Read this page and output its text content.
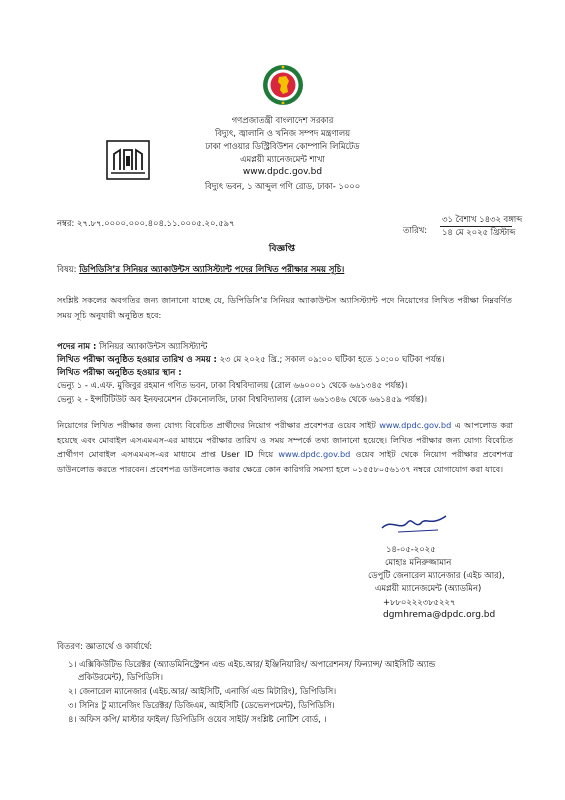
গণপ্রজাতন্ত্রী বাংলাদেশ সরকার
বিদ্যুৎ, জ্বালানি ও খনিজ সম্পদ মন্ত্রণালয়
ঢাকা পাওয়ার ডিস্ট্রিবিউশন কোম্পানি লিমিটেড
এমপ্লয়ী ম্যানেজমেন্ট শাখা
www.dpdc.gov.bd
বিদ্যুৎ ভবন, ১ আব্দুল গণি রোড, ঢাকা- ১০০০
নম্বর: ২৭.৮৭.০০০০.০০০.৪০৪.১১.০০০৫.২০.৫৯৭
তারিখ:
৩১ বৈশাখ ১৪৩২ বঙ্গাব্দ
১৪ মে ২০২৫ খ্রিস্টাব্দ
বিজ্ঞপ্তি
বিষয়: ডিপিডিসি’র সিনিয়র অ্যাকাউন্টস অ্যাসিস্ট্যান্ট পদের লিখিত পরীক্ষার সময় সূচি।
সংশ্লিষ্ট সকলের অবগতির জন্য জানানো যাচ্ছে যে, ডিপিডিসি’র সিনিয়র অ্যাকাউন্টস অ্যাসিস্ট্যান্ট পদে নিয়োগের লিখিত পরীক্ষা নিম্নবর্ণিত সময় সূচি অনুযায়ী অনুষ্ঠিত হবে:
পদের নাম : সিনিয়র অ্যাকাউন্টস অ্যাসিস্ট্যান্ট
লিখিত পরীক্ষা অনুষ্ঠিত হওয়ার তারিখ ও সময় : ২৩ মে ২০২৫ খ্রি.; সকাল ০৯:০০ ঘটিকা হতে ১০:০০ ঘটিকা পর্যন্ত।
লিখিত পরীক্ষা অনুষ্ঠিত হওয়ার স্থান :
ভেন্যু ১ - এ.এফ. মুজিবুর রহমান গণিত ভবন, ঢাকা বিশ্ববিদ্যালয় (রোল ৬৬০০০১ থেকে ৬৬১৩৪৫ পর্যন্ত)।
ভেন্যু ২ - ইন্সটিটিউট অব ইনফরমেশন টেকনোলজি, ঢাকা বিশ্ববিদ্যালয় (রোল ৬৬১৩৪৬ থেকে ৬৬১৪৫৯ পর্যন্ত)।
নিয়োগের লিখিত পরীক্ষার জন্য যোগ্য বিবেচিত প্রার্থীদের নিয়োগ পরীক্ষার প্রবেশপত্র ওয়েব সাইট www.dpdc.gov.bd এ আপলোড করা হয়েছে এবং মোবাইল এসএমএস-এর মাধ্যমে পরীক্ষার তারিখ ও সময় সম্পর্কে তথ্য জানানো হয়েছে। লিখিত পরীক্ষার জন্য যোগ্য বিবেচিত প্রার্থীগণ মোবাইল এসএমএস-এর মাধ্যমে প্রাপ্ত User ID দিয়ে www.dpdc.gov.bd ওয়েব সাইট থেকে নিয়োগ পরীক্ষার প্রবেশপত্র ডাউনলোড করতে পারবেন। প্রবেশপত্র ডাউনলোড করার ক্ষেত্রে কোন কারিগরি সমস্যা হলে ০১৫৫৮০৫৬১৩৭ নম্বরে যোগাযোগ করা যাবে।
১৪-০৫-২০২৫
মোহাঃ মনিরুজ্জামান
ডেপুটি জেনারেল ম্যানেজার (এইচ আর),
এমপ্লয়ী ম্যানেজমেন্ট (অ্যাডমিন)
+৮৮০২২২৩৮৫২২৭
dgmhrema@dpdc.org.bd
বিতরণ: জ্ঞাতার্থে ও কার্যার্থে:
১। এক্সিকিউটিভ ডিরেক্টর (অ্যাডমিনিস্ট্রেশন এন্ড এইচ.আর/ ইঞ্জিনিয়ারিং/ অপারেশনস/ ফিন্যান্স/ আইসিটি অ্যান্ড
প্রকিউরমেন্ট), ডিপিডিসি।
২। জেনারেল ম্যানেজার (এইচ.আর/ আইসিটি, এনার্জি এন্ড মিটারিং), ডিপিডিসি।
৩। সিনিঃ টু ম্যানেজিং ডিরেক্টর/ ডিজিএম, আইসিটি (ডেভেলপমেন্ট), ডিপিডিসি।
৪। অফিস কপি/ মাস্টার ফাইল/ ডিপিডিসি ওয়েব সাইট/ সংশ্লিষ্ট নোটিশ বোর্ড, ।
